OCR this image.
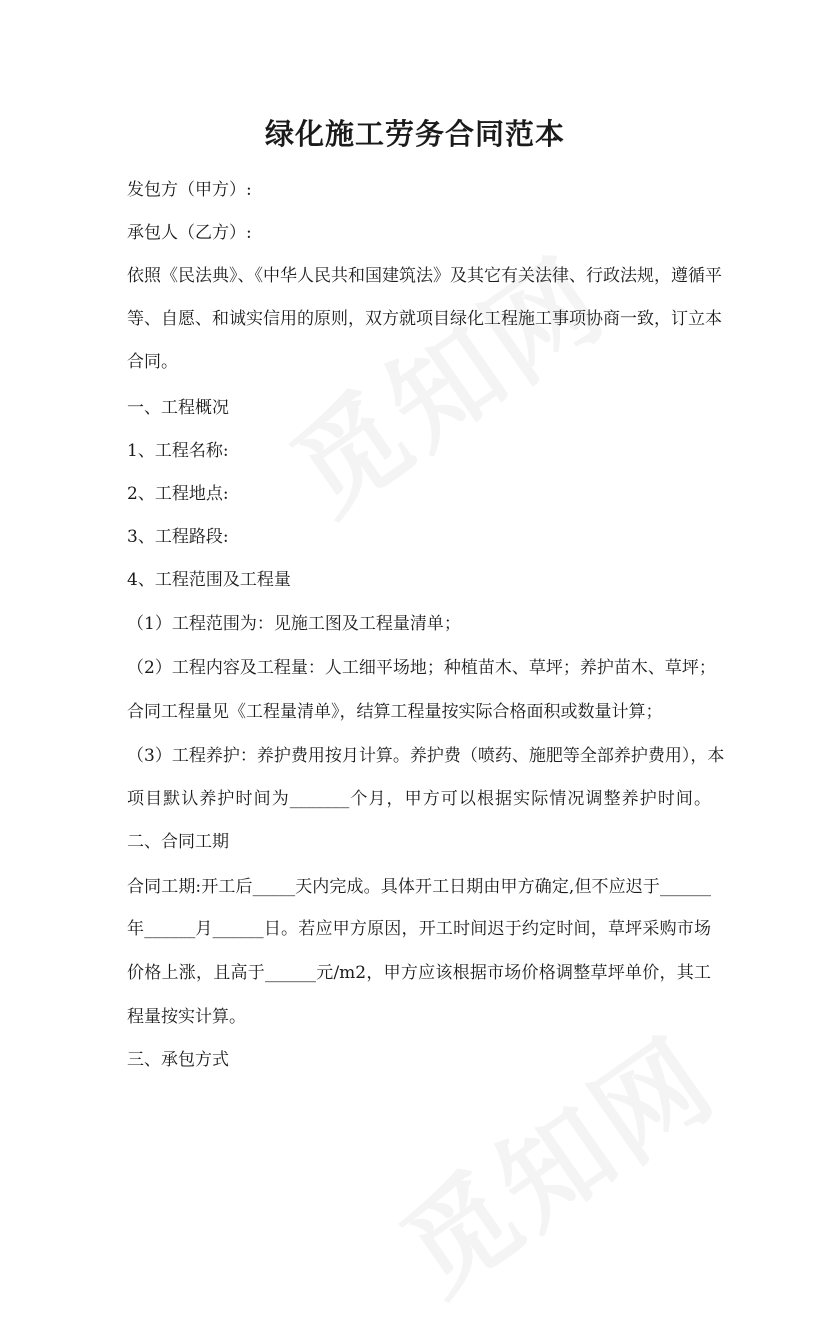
绿化施工劳务合同范本
发包方（甲方）:
承包人（乙方）:
依照《民法典》、《中华人民共和国建筑法》及其它有关法律、行政法规，遵循平
等、自愿、和诚实信用的原则，双方就项目绿化工程施工事项协商一致，订立本
合同。
一、工程概况
1、工程名称:
2、工程地点:
3、工程路段:
4、工程范围及工程量
（1）工程范围为：见施工图及工程量清单；
（2）工程内容及工程量：人工细平场地；种植苗木、草坪；养护苗木、草坪；
合同工程量见《工程量清单》，结算工程量按实际合格面积或数量计算；
（3）工程养护：养护费用按月计算。养护费（喷药、施肥等全部养护费用），本
项目默认养护时间为_______个月，甲方可以根据实际情况调整养护时间。
二、合同工期
合同工期:开工后_____天内完成。具体开工日期由甲方确定,但不应迟于______
年______月______日。若应甲方原因，开工时间迟于约定时间，草坪采购市场
价格上涨，且高于______元/m2，甲方应该根据市场价格调整草坪单价，其工
程量按实计算。
三、承包方式
